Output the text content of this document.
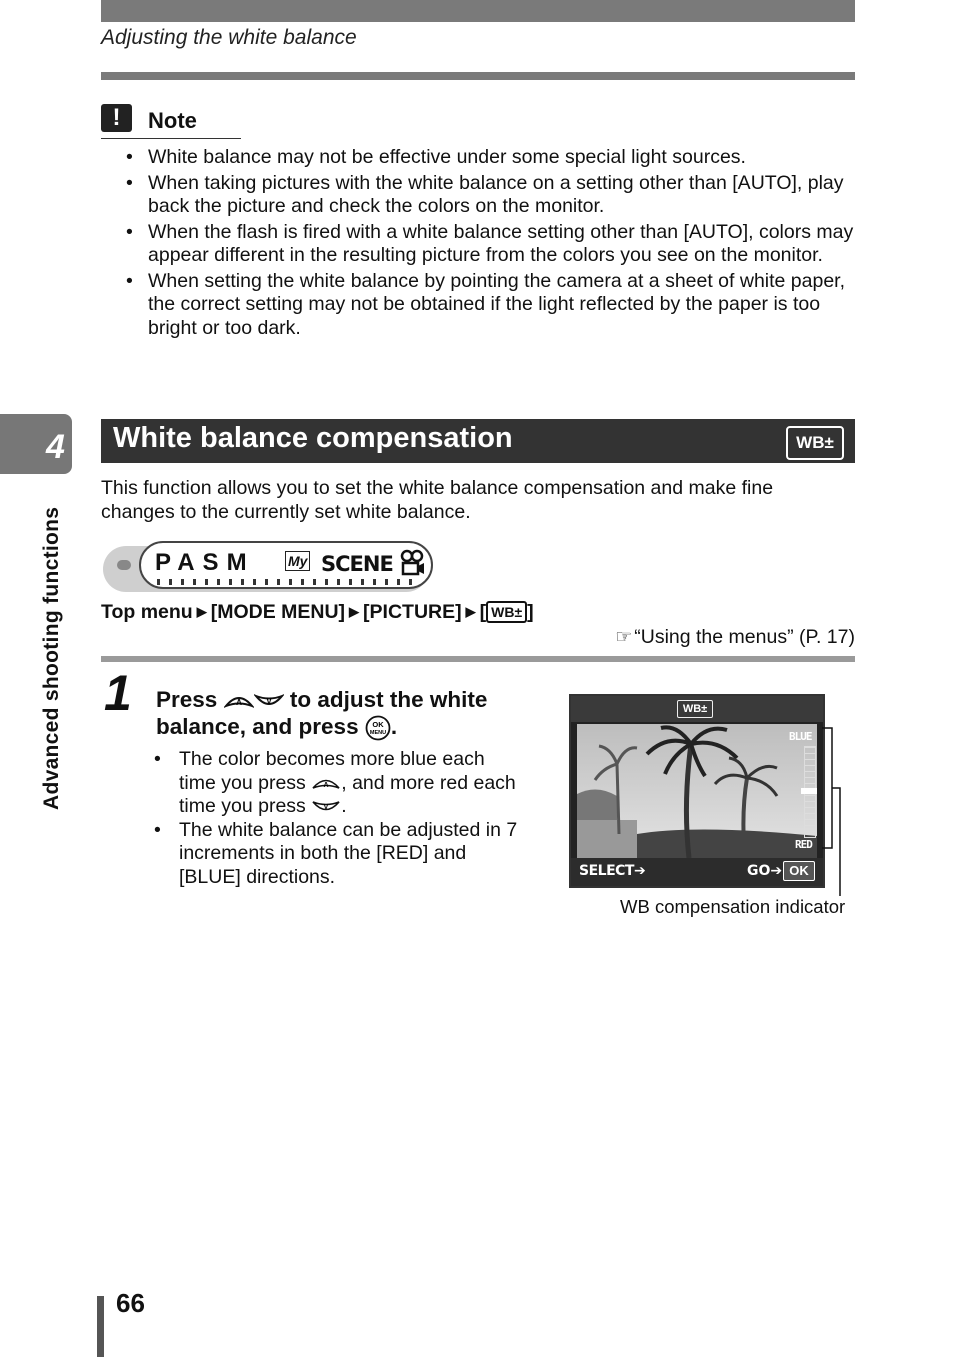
Adjusting the white balance
!	Note
• White balance may not be effective under some special light sources.
• When taking pictures with the white balance on a setting other than [AUTO], play back the picture and check the colors on the monitor.
• When the flash is fired with a white balance setting other than [AUTO], colors may appear different in the resulting picture from the colors you see on the monitor.
• When setting the white balance by pointing the camera at a sheet of white paper, the correct setting may not be obtained if the light reflected by the paper is too bright or too dark.
4
Advanced shooting functions
White balance compensation	WB±
This function allows you to set the white balance compensation and make fine changes to the currently set white balance.
PASM My SCENE
Top menu ▶ [MODE MENU] ▶ [PICTURE] ▶ [ WB± ]
☞ “Using the menus” (P. 17)
1 Press A	V to adjust the white balance, and press OK
MENU .
• The color becomes more blue each time you press	A , and more red each time you press	V .
• The white balance can be adjusted in 7 increments in both the [RED] and [BLUE] directions.
WB±
BLUE
RED
SELECT➔	GO➔ OK
WB compensation indicator
66
